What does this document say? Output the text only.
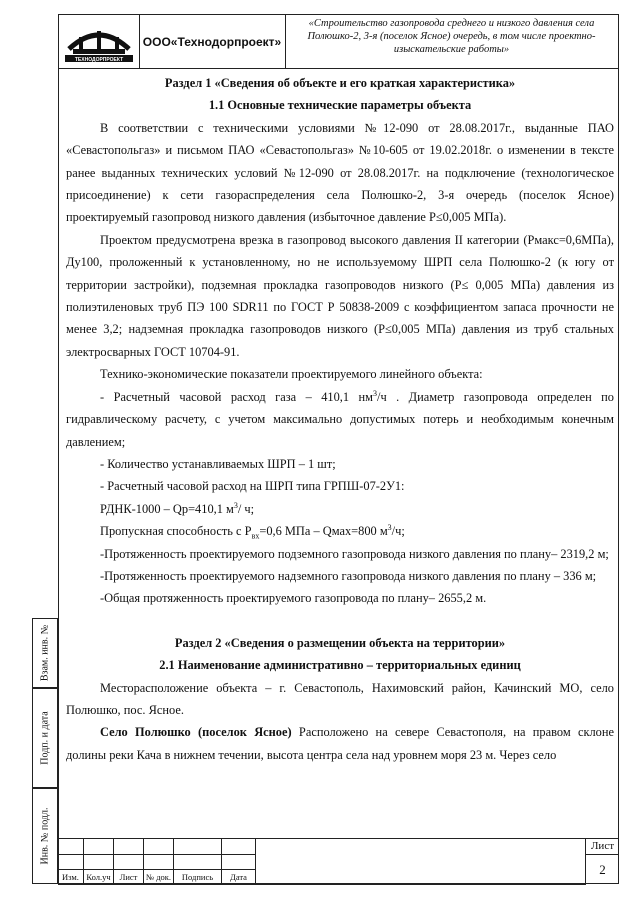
ТЕХНОДОРПРОЕКТ
ООО«Технодорпроект»
«Строительство газопровода среднего и низкого давления села Полюшко-2, 3-я (поселок Ясное) очередь, в том числе проектно-изыскательские работы»

Раздел 1 «Сведения об объекте и его краткая характеристика»

1.1 Основные технические параметры объекта

В соответствии с техническими условиями №12-090 от 28.08.2017г., выданные ПАО «Севастопольгаз» и письмом ПАО «Севастопольгаз» №10-605 от 19.02.2018г. о изменении в тексте ранее выданных технических условий №12-090 от 28.08.2017г. на подключение (технологическое присоединение) к сети газораспределения села Полюшко-2, 3-я очередь (поселок Ясное) проектируемый газопровод низкого давления (избыточное давление Р≤0,005 МПа).

Проектом предусмотрена врезка в газопровод высокого давления II категории (Рмакс=0,6МПа), Ду100, проложенный к установленному, но не используемому ШРП села Полюшко-2 (к югу от территории застройки), подземная прокладка газопроводов низкого (Р≤ 0,005 МПа) давления из полиэтиленовых труб ПЭ 100 SDR11 по ГОСТ Р 50838-2009 с коэффициентом запаса прочности не менее 3,2; надземная прокладка газопроводов низкого (Р≤0,005 МПа) давления из труб стальных электросварных ГОСТ 10704-91.

Технико-экономические показатели проектируемого линейного объекта:

- Расчетный часовой расход газа – 410,1 $нм^3/ч$ . Диаметр газопровода определен по гидравлическому расчету, с учетом максимально допустимых потерь и необходимым конечным давлением;

- Количество устанавливаемых ШРП – 1 шт;

- Расчетный часовой расход на ШРП типа ГРПШ-07-2У1:

РДНК-1000 – Qр=410,1 $м^3/$ ч;

Пропускная способность с $Р_{вх}=0,6$ МПа – Qмах=800 $м^3/ч$;

-Протяженность проектируемого подземного газопровода низкого давления по плану– 2319,2 м;

-Протяженность проектируемого надземного газопровода низкого давления по плану – 336 м;

-Общая протяженность проектируемого газопровода по плану– 2655,2 м.

Раздел 2 «Сведения о размещении объекта на территории»

2.1 Наименование административно – территориальных единиц

Месторасположение объекта – г. Севастополь, Нахимовский район, Качинский МО, село Полюшко, пос. Ясное.

Село Полюшко (поселок Ясное) Расположено на севере Севастополя, на правом склоне долины реки Кача в нижнем течении, высота центра села над уровнем моря 23 м. Через село

Взам. инв. №
Подп. и дата
Инв. № подл.
Изм. Кол.уч	Лист	№ док.	Подпись	Дата
Лист
2
